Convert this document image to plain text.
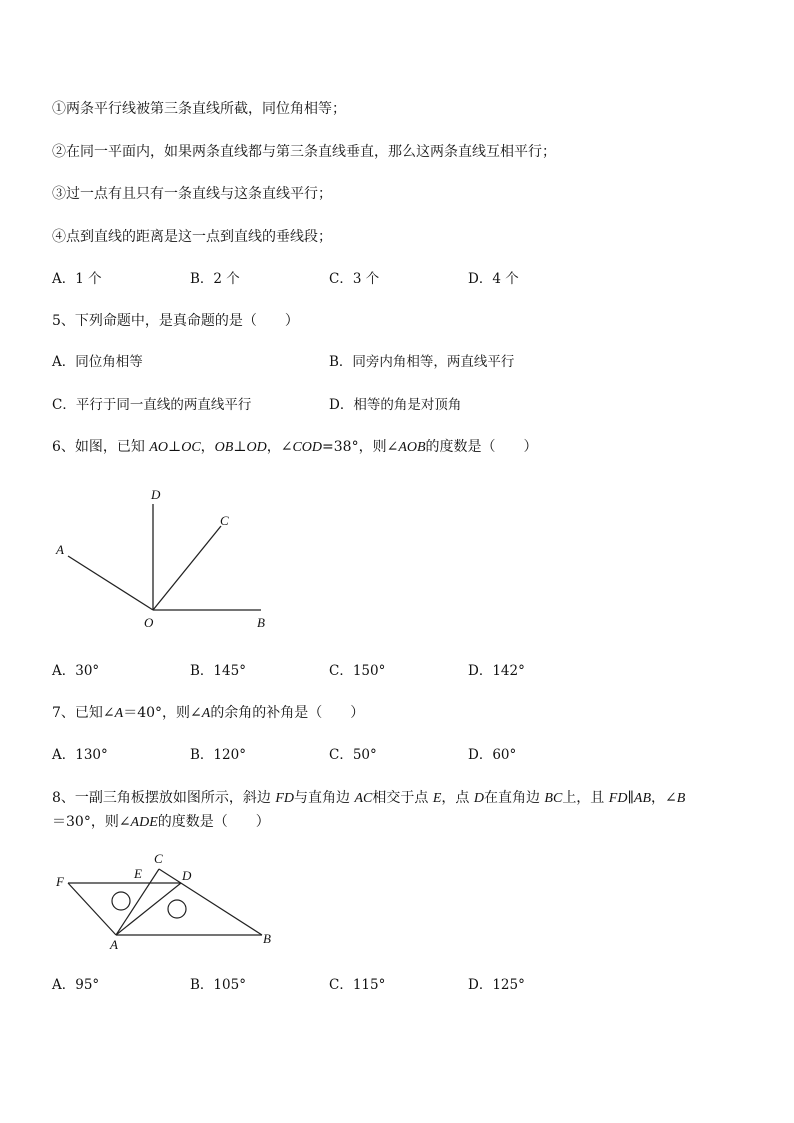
①两条平行线被第三条直线所截，同位角相等；
②在同一平面内，如果两条直线都与第三条直线垂直，那么这两条直线互相平行；
③过一点有且只有一条直线与这条直线平行；
④点到直线的距离是这一点到直线的垂线段；
A．1 个	B．2 个	C．3 个	D．4 个
5、下列命题中，是真命题的是（　　）
A．同位角相等	B．同旁内角相等，两直线平行
C．平行于同一直线的两直线平行	D．相等的角是对顶角
6、如图，已知 AO⊥OC，OB⊥OD，∠COD=38°，则∠AOB的度数是（　　）
D
C
A
O	B
A．30°	B．145°	C．150°	D．142°
7、已知∠A＝40°，则∠A的余角的补角是（　　）
A．130°	B．120°	C．50°	D．60°
8、一副三角板摆放如图所示，斜边 FD与直角边 AC相交于点 E，点 D在直角边 BC上，且 FD∥AB，∠B
＝30°，则∠ADE的度数是（　　）
F
E
C
D
A	B
A．95°	B．105°	C．115°	D．125°
